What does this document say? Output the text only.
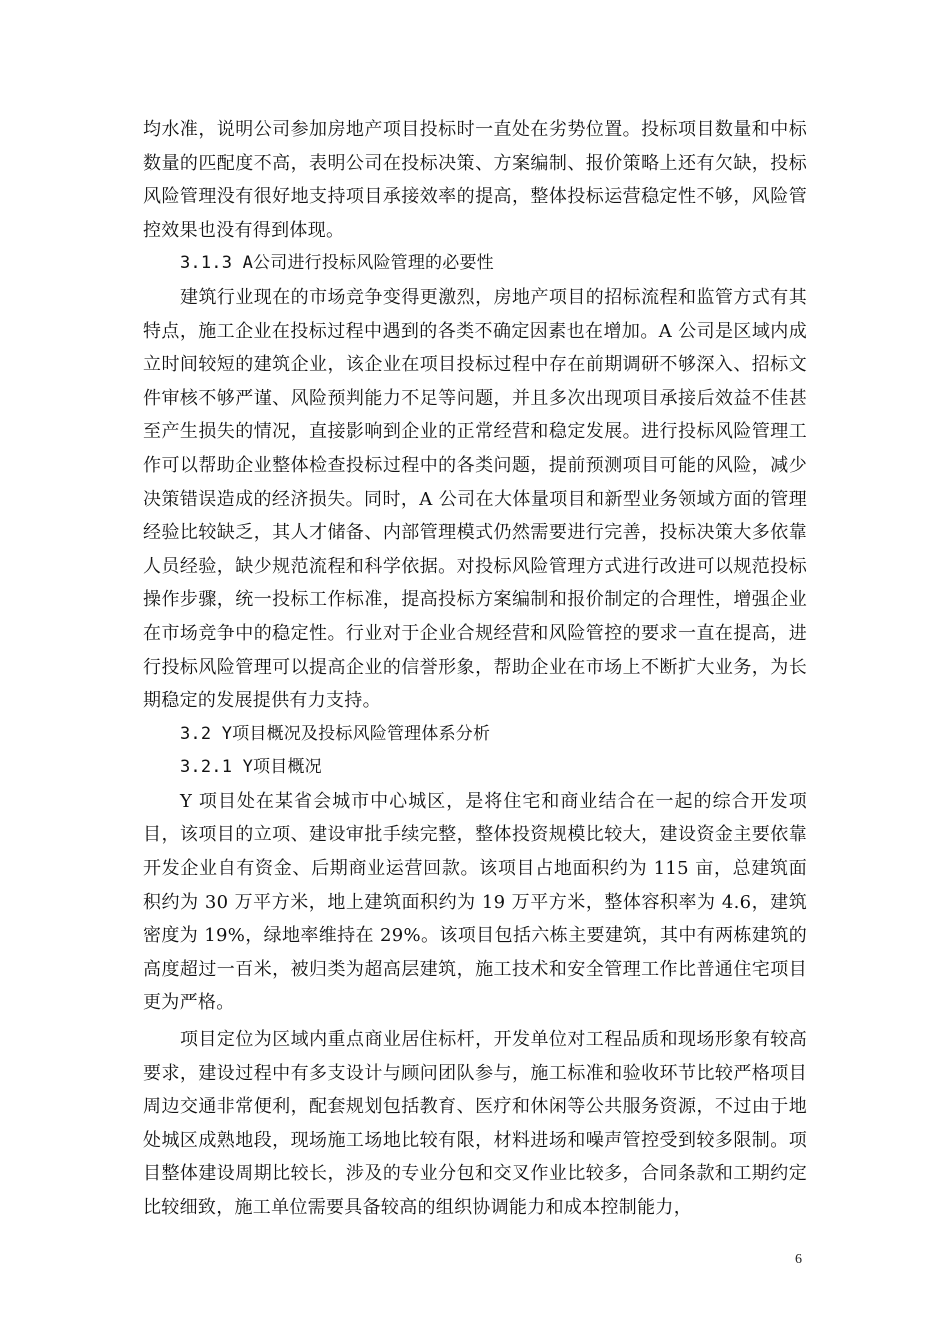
均水准，说明公司参加房地产项目投标时一直处在劣势位置。投标项目数量和中标数量的匹配度不高，表明公司在投标决策、方案编制、报价策略上还有欠缺，投标风险管理没有很好地支持项目承接效率的提高，整体投标运营稳定性不够，风险管控效果也没有得到体现。

3.1.3 A公司进行投标风险管理的必要性

建筑行业现在的市场竞争变得更激烈，房地产项目的招标流程和监管方式有其特点，施工企业在投标过程中遇到的各类不确定因素也在增加。A 公司是区域内成立时间较短的建筑企业，该企业在项目投标过程中存在前期调研不够深入、招标文件审核不够严谨、风险预判能力不足等问题，并且多次出现项目承接后效益不佳甚至产生损失的情况，直接影响到企业的正常经营和稳定发展。进行投标风险管理工作可以帮助企业整体检查投标过程中的各类问题，提前预测项目可能的风险，减少决策错误造成的经济损失。同时，A 公司在大体量项目和新型业务领域方面的管理经验比较缺乏，其人才储备、内部管理模式仍然需要进行完善，投标决策大多依靠人员经验，缺少规范流程和科学依据。对投标风险管理方式进行改进可以规范投标操作步骤，统一投标工作标准，提高投标方案编制和报价制定的合理性，增强企业在市场竞争中的稳定性。行业对于企业合规经营和风险管控的要求一直在提高，进行投标风险管理可以提高企业的信誉形象，帮助企业在市场上不断扩大业务，为长期稳定的发展提供有力支持。

3.2 Y项目概况及投标风险管理体系分析

3.2.1 Y项目概况

Y 项目处在某省会城市中心城区，是将住宅和商业结合在一起的综合开发项目，该项目的立项、建设审批手续完整，整体投资规模比较大，建设资金主要依靠开发企业自有资金、后期商业运营回款。该项目占地面积约为 115 亩，总建筑面积约为 30 万平方米，地上建筑面积约为 19 万平方米，整体容积率为 4.6，建筑密度为 19%，绿地率维持在 29%。该项目包括六栋主要建筑，其中有两栋建筑的高度超过一百米，被归类为超高层建筑，施工技术和安全管理工作比普通住宅项目更为严格。

项目定位为区域内重点商业居住标杆，开发单位对工程品质和现场形象有较高要求，建设过程中有多支设计与顾问团队参与，施工标准和验收环节比较严格项目周边交通非常便利，配套规划包括教育、医疗和休闲等公共服务资源，不过由于地处城区成熟地段，现场施工场地比较有限，材料进场和噪声管控受到较多限制。项目整体建设周期比较长，涉及的专业分包和交叉作业比较多，合同条款和工期约定比较细致，施工单位需要具备较高的组织协调能力和成本控制能力，

6
